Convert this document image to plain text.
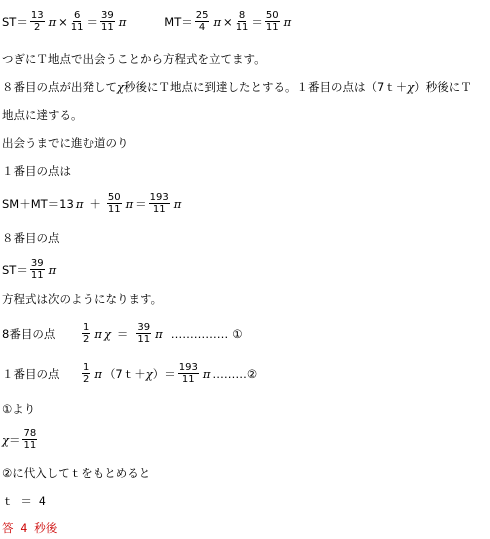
$ST= \frac{13}{2}$ $\pi \times \frac{6}{11} = \frac{39}{11}$ π	$MT= \frac{25}{4}$ $\pi \times \frac{8}{11} = \frac{50}{11}$ π
つぎにＴ地点で出会うことから方程式を立てます。
８番目の点が出発してχ秒後にＴ地点に到達したとする。１番目の点は（7ｔ＋χ）秒後にＴ
地点に達する。
出会うまでに進む道のり
１番目の点は
SM＋MT＝13 $\pi + \frac{50}{11}$ $\pi = \frac{193}{11}$ π
８番目の点
$ST= \frac{39}{11}$ π
方程式は次のようになります。
8番目の点	$\frac{1}{2}$ π $\chi = \frac{39}{11}$ π …………… ①
１番目の点	$\frac{1}{2}$ π （7ｔ＋ χ ）＝ $\frac{193}{11}$ π ……… ②
①より
$\chi = \frac{78}{11}$
②に代入してｔをもとめると
ｔ ＝ 4
答 4 秒後
